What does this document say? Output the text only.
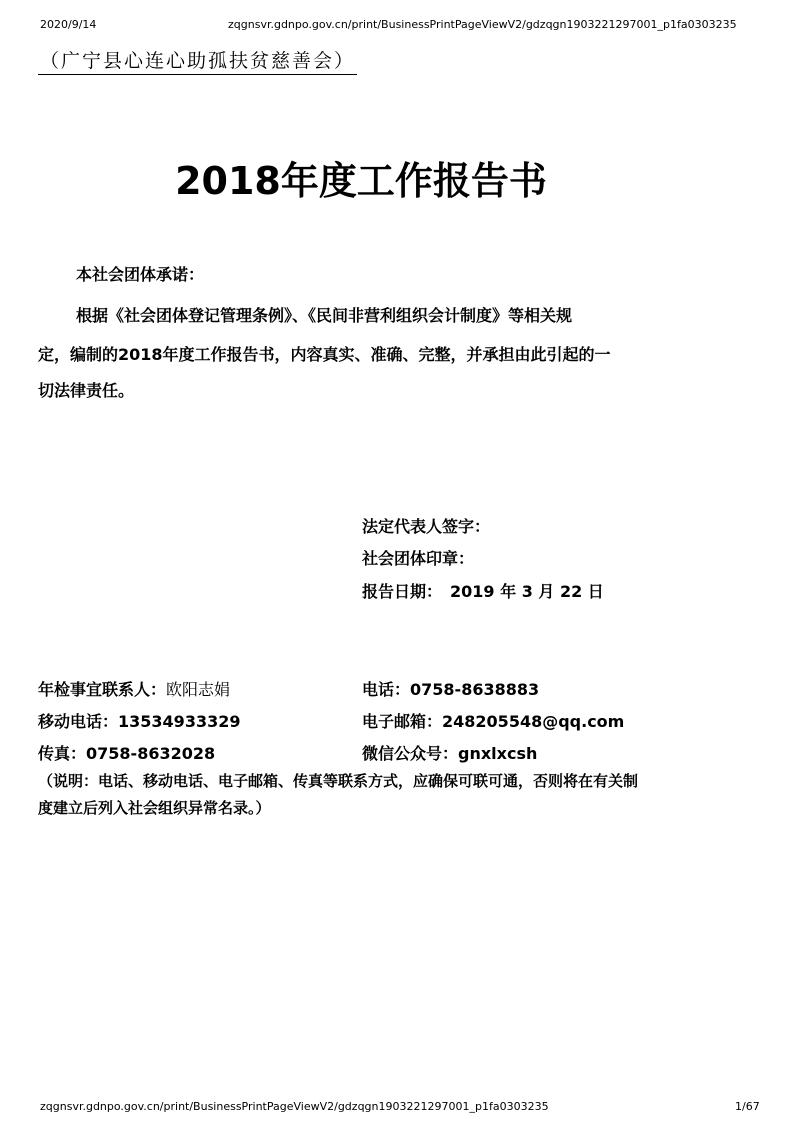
2020/9/14	zqgnsvr.gdnpo.gov.cn/print/BusinessPrintPageViewV2/gdzqgn1903221297001_p1fa0303235
（广宁县心连心助孤扶贫慈善会）
2018年度工作报告书
本社会团体承诺：
根据《社会团体登记管理条例》、《民间非营利组织会计制度》等相关规
定，编制的2018年度工作报告书，内容真实、准确、完整，并承担由此引起的一
切法律责任。
法定代表人签字：
社会团体印章：
报告日期： 2019 年 3 月 22 日
年检事宜联系人：欧阳志娟	电话：0758-8638883
移动电话：13534933329	电子邮箱：248205548@qq.com
传真：0758-8632028	微信公众号：gnxlxcsh
（说明：电话、移动电话、电子邮箱、传真等联系方式，应确保可联可通，否则将在有关制
度建立后列入社会组织异常名录。）
zqgnsvr.gdnpo.gov.cn/print/BusinessPrintPageViewV2/gdzqgn1903221297001_p1fa0303235	1/67
